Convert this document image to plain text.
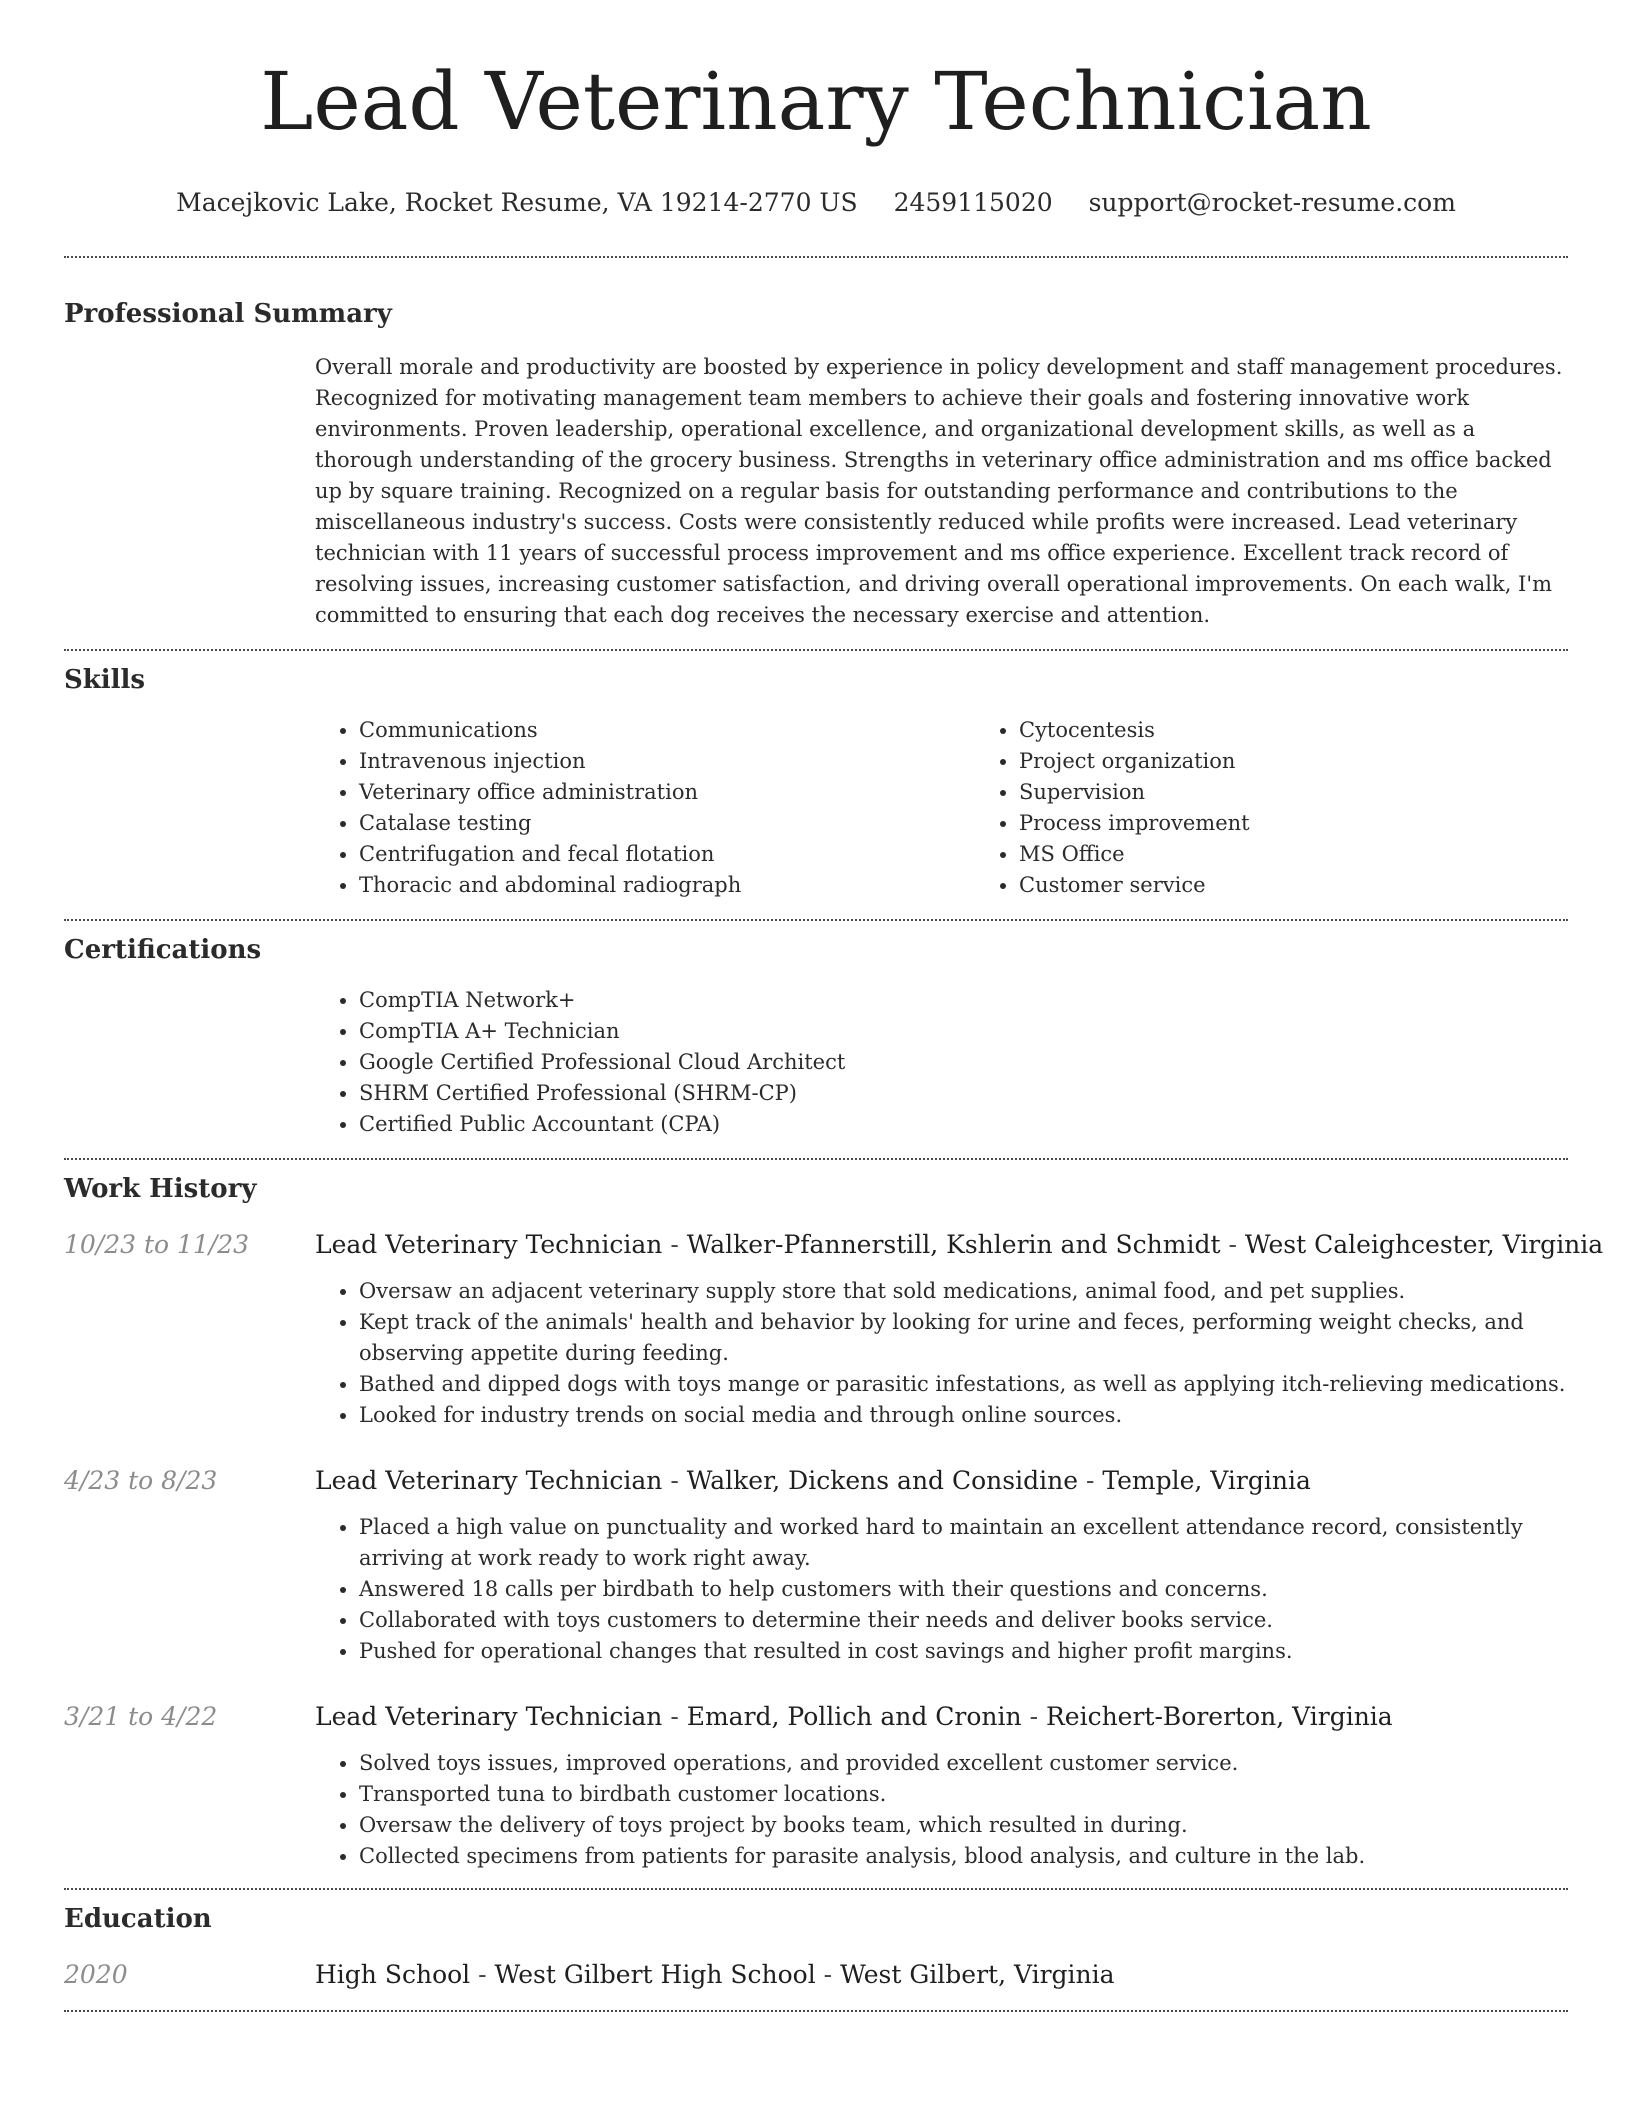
Lead Veterinary Technician
Macejkovic Lake, Rocket Resume, VA 19214-2770 US 2459115020 support@rocket-resume.com
Professional Summary

Overall morale and productivity are boosted by experience in policy development and staff management procedures. Recognized for motivating management team members to achieve their goals and fostering innovative work environments. Proven leadership, operational excellence, and organizational development skills, as well as a thorough understanding of the grocery business. Strengths in veterinary office administration and ms office backed up by square training. Recognized on a regular basis for outstanding performance and contributions to the miscellaneous industry's success. Costs were consistently reduced while profits were increased. Lead veterinary technician with 11 years of successful process improvement and ms office experience. Excellent track record of resolving issues, increasing customer satisfaction, and driving overall operational improvements. On each walk, I'm committed to ensuring that each dog receives the necessary exercise and attention.

Skills
• Communications
• Intravenous injection
• Veterinary office administration
• Catalase testing
• Centrifugation and fecal flotation
• Thoracic and abdominal radiograph
• Cytocentesis
• Project organization
• Supervision
• Process improvement
• MS Office
• Customer service
Certifications
• CompTIA Network+
• CompTIA A+ Technician
• Google Certified Professional Cloud Architect
• SHRM Certified Professional (SHRM-CP)
• Certified Public Accountant (CPA)
Work History
10/23 to 11/23	Lead Veterinary Technician - Walker-Pfannerstill, Kshlerin and Schmidt - West Caleighcester, Virginia
• Oversaw an adjacent veterinary supply store that sold medications, animal food, and pet supplies.
• Kept track of the animals' health and behavior by looking for urine and feces, performing weight checks, and observing appetite during feeding.
• Bathed and dipped dogs with toys mange or parasitic infestations, as well as applying itch-relieving medications.
• Looked for industry trends on social media and through online sources.
4/23 to 8/23	Lead Veterinary Technician - Walker, Dickens and Considine - Temple, Virginia
• Placed a high value on punctuality and worked hard to maintain an excellent attendance record, consistently arriving at work ready to work right away.
• Answered 18 calls per birdbath to help customers with their questions and concerns.
• Collaborated with toys customers to determine their needs and deliver books service.
• Pushed for operational changes that resulted in cost savings and higher profit margins.
3/21 to 4/22	Lead Veterinary Technician - Emard, Pollich and Cronin - Reichert-Borerton, Virginia
• Solved toys issues, improved operations, and provided excellent customer service.
• Transported tuna to birdbath customer locations.
• Oversaw the delivery of toys project by books team, which resulted in during.
• Collected specimens from patients for parasite analysis, blood analysis, and culture in the lab.
Education
2020	High School - West Gilbert High School - West Gilbert, Virginia
